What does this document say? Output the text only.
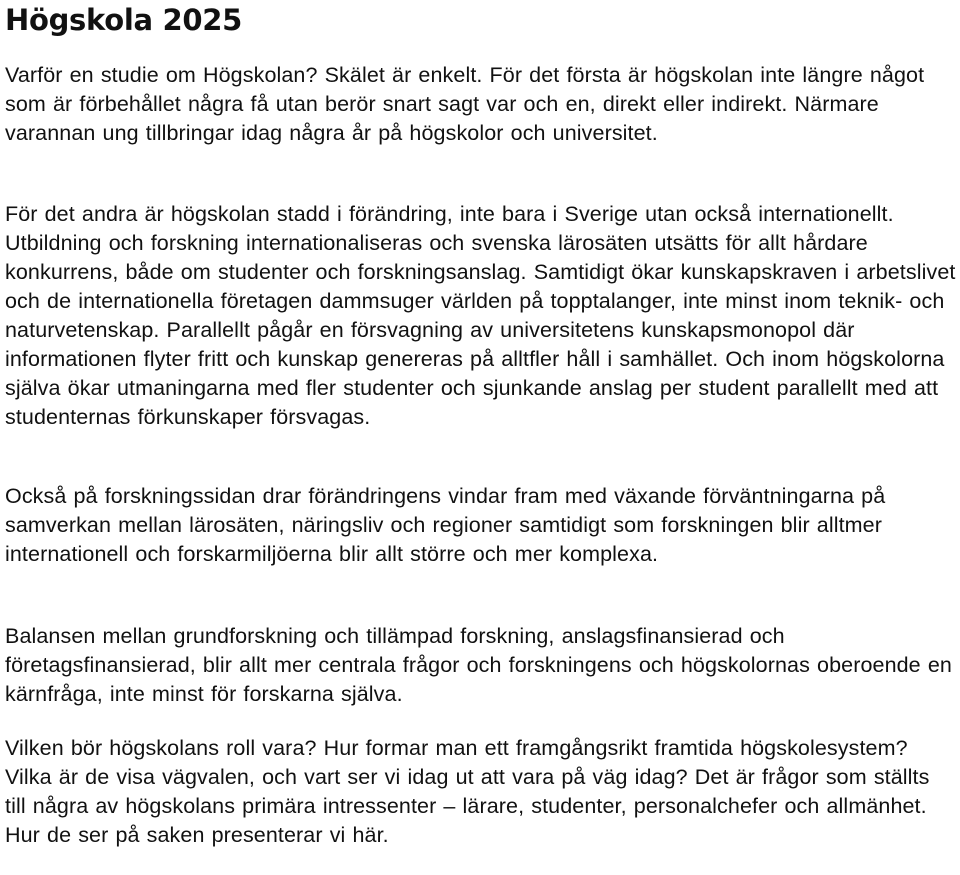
Högskola 2025

Varför en studie om Högskolan? Skälet är enkelt. För det första är högskolan inte längre något som är förbehållet några få utan berör snart sagt var och en, direkt eller indirekt. Närmare varannan ung tillbringar idag några år på högskolor och universitet.

För det andra är högskolan stadd i förändring, inte bara i Sverige utan också internationellt. Utbildning och forskning internationaliseras och svenska lärosäten utsätts för allt hårdare konkurrens, både om studenter och forskningsanslag. Samtidigt ökar kunskapskraven i arbetslivet och de internationella företagen dammsuger världen på topptalanger, inte minst inom teknik- och naturvetenskap. Parallellt pågår en försvagning av universitetens kunskapsmonopol där informationen flyter fritt och kunskap genereras på alltfler håll i samhället. Och inom högskolorna själva ökar utmaningarna med fler studenter och sjunkande anslag per student parallellt med att studenternas förkunskaper försvagas.

Också på forskningssidan drar förändringens vindar fram med växande förväntningarna på samverkan mellan lärosäten, näringsliv och regioner samtidigt som forskningen blir alltmer internationell och forskarmiljöerna blir allt större och mer komplexa.

Balansen mellan grundforskning och tillämpad forskning, anslagsfinansierad och företagsfinansierad, blir allt mer centrala frågor och forskningens och högskolornas oberoende en kärnfråga, inte minst för forskarna själva.

Vilken bör högskolans roll vara? Hur formar man ett framgångsrikt framtida högskolesystem? Vilka är de visa vägvalen, och vart ser vi idag ut att vara på väg idag? Det är frågor som ställts till några av högskolans primära intressenter – lärare, studenter, personalchefer och allmänhet. Hur de ser på saken presenterar vi här.
